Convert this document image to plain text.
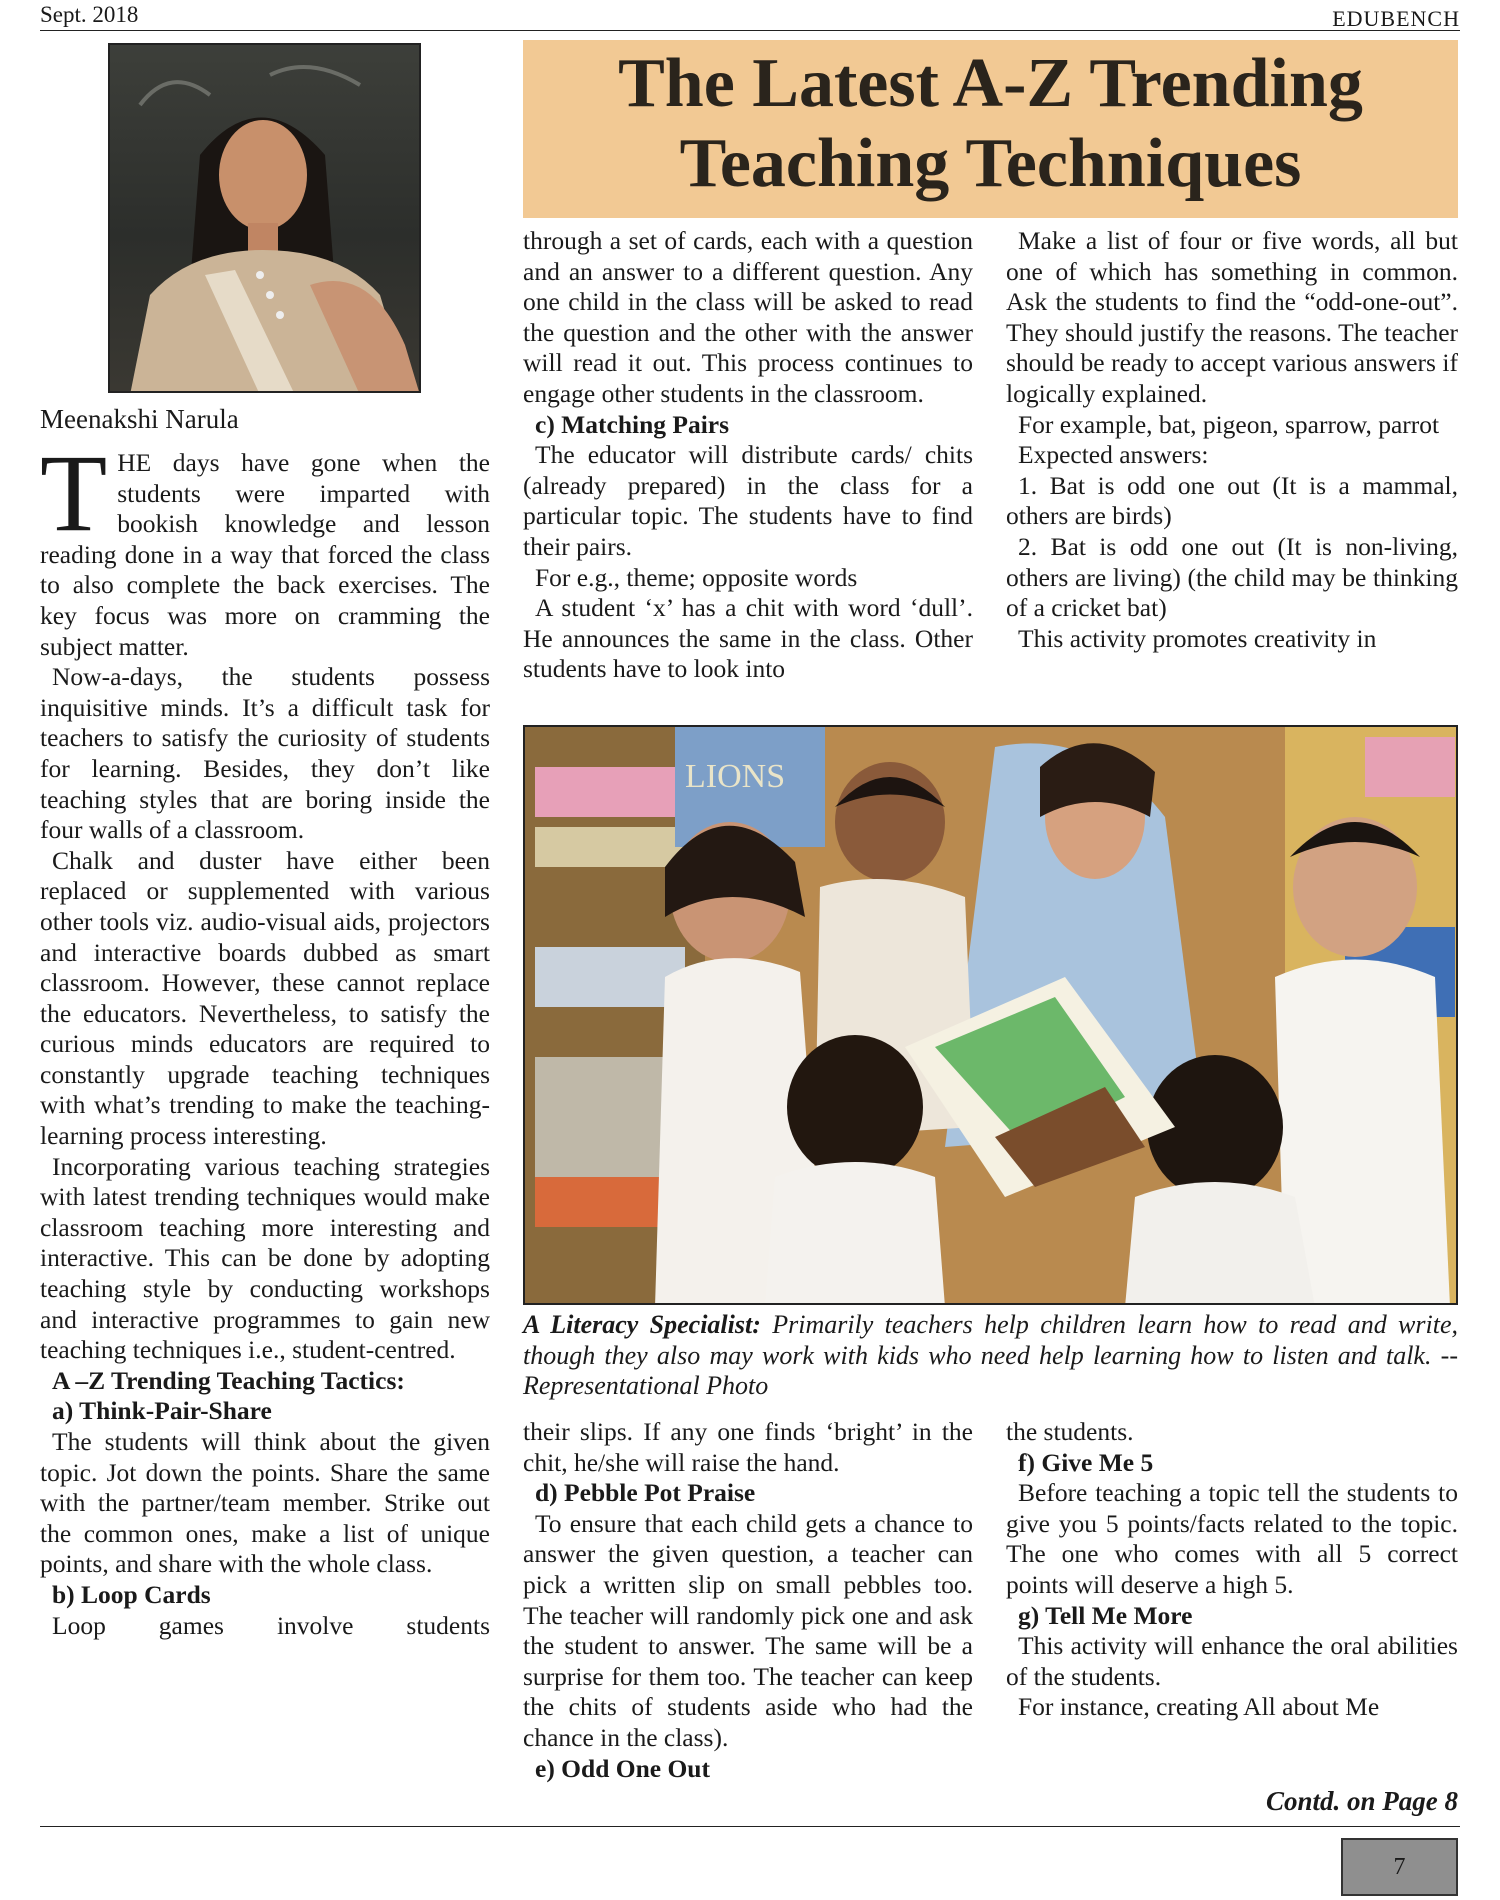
Sept. 2018	EDUBENCH
The Latest A-Z Trending
Teaching Techniques
Meenakshi Narula

THE days have gone when the students were imparted with bookish knowledge and lesson reading done in a way that forced the class to also complete the back exercises. The key focus was more on cramming the subject matter.

Now-a-days, the students possess inquisitive minds. It’s a difficult task for teachers to satisfy the curiosity of students for learning. Besides, they don’t like teaching styles that are boring inside the four walls of a classroom.

Chalk and duster have either been replaced or supplemented with various other tools viz. audio-visual aids, projectors and interactive boards dubbed as smart classroom. However, these cannot replace the educators. Nevertheless, to satisfy the curious minds educators are required to constantly upgrade teaching techniques with what’s trending to make the teaching-learning process interesting.

Incorporating various teaching strategies with latest trending techniques would make classroom teaching more interesting and interactive. This can be done by adopting teaching style by conducting workshops and interactive programmes to gain new teaching techniques i.e., student-centred.

A –Z Trending Teaching Tactics:
a) Think-Pair-Share

The students will think about the given topic. Jot down the points. Share the same with the partner/team member. Strike out the common ones, make a list of unique points, and share with the whole class.

b) Loop Cards

Loop games involve students

through a set of cards, each with a question and an answer to a different question. Any one child in the class will be asked to read the question and the other with the answer will read it out. This process continues to engage other students in the classroom.

c) Matching Pairs

The educator will distribute cards/ chits (already prepared) in the class for a particular topic. The students have to find their pairs.

For e.g., theme; opposite words

A student ‘x’ has a chit with word ‘dull’. He announces the same in the class. Other students have to look into

Make a list of four or five words, all but one of which has something in common. Ask the students to find the “odd-one-out”. They should justify the reasons. The teacher should be ready to accept various answers if logically explained.

For example, bat, pigeon, sparrow, parrot

Expected answers:

1. Bat is odd one out (It is a mammal, others are birds)

2. Bat is odd one out (It is non-living, others are living) (the child may be thinking of a cricket bat)

This activity promotes creativity in

LIONS
A Literacy Specialist: Primarily teachers help children learn how to read and write, though they also may work with kids who need help learning how to listen and talk. -- Representational Photo

their slips. If any one finds ‘bright’ in the chit, he/she will raise the hand.

d) Pebble Pot Praise

To ensure that each child gets a chance to answer the given question, a teacher can pick a written slip on small pebbles too. The teacher will randomly pick one and ask the student to answer. The same will be a surprise for them too. The teacher can keep the chits of students aside who had the chance in the class).

e) Odd One Out

the students.

f) Give Me 5

Before teaching a topic tell the students to give you 5 points/facts related to the topic. The one who comes with all 5 correct points will deserve a high 5.

g) Tell Me More

This activity will enhance the oral abilities of the students.

For instance, creating All about Me

Contd. on Page 8
7
